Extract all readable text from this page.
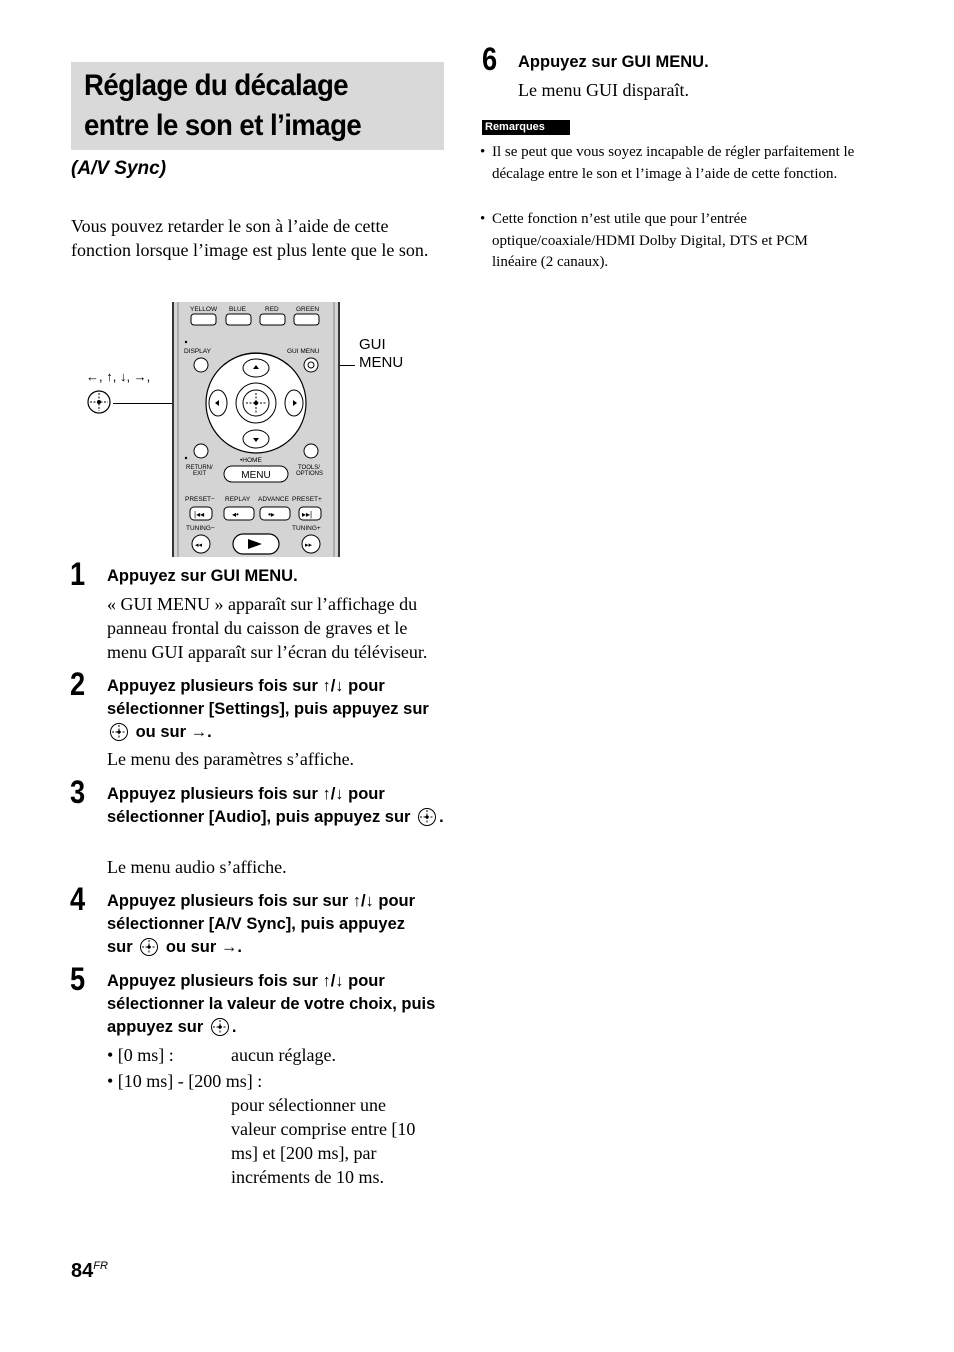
Réglage du décalage entre le son et l’image
(A/V Sync)
Vous pouvez retarder le son à l’aide de cette fonction lorsque l’image est plus lente que le son.
←, ↑, ↓, →,
GUI
MENU
YELLOW BLUE	RED	GREEN
DISPLAY	GUI MENU
•HOME
RETURN/
EXIT
TOOLS/
OPTIONS
MENU
PRESET− REPLAY ADVANCE PRESET+
|◂◂	◂•	•▸	▸▸|
TUNING−	TUNING+
◂◂	▸▸
1 Appuyez sur GUI MENU.
« GUI MENU » apparaît sur l’affichage du panneau frontal du caisson de graves et le menu GUI apparaît sur l’écran du téléviseur.
2 Appuyez plusieurs fois sur ↑/↓ pour sélectionner [Settings], puis appuyez sur  ou sur →.
Le menu des paramètres s’affiche.
3 Appuyez plusieurs fois sur ↑/↓ pour sélectionner [Audio], puis appuyez sur .
Le menu audio s’affiche.
4 Appuyez plusieurs fois sur sur ↑/↓ pour sélectionner [A/V Sync], puis appuyez sur ou sur →.
5 Appuyez plusieurs fois sur ↑/↓ pour sélectionner la valeur de votre choix, puis appuyez sur .
• [0 ms] :	aucun réglage.
• [10 ms] - [200 ms] :
pour sélectionner une valeur comprise entre [10 ms] et [200 ms], par incréments de 10 ms.
6 Appuyez sur GUI MENU.
Le menu GUI disparaît.
Remarques
• Il se peut que vous soyez incapable de régler parfaitement le décalage entre le son et l’image à l’aide de cette fonction.
• Cette fonction n’est utile que pour l’entrée optique/coaxiale/HDMI Dolby Digital, DTS et PCM linéaire (2 canaux).
$84^{FR}$
